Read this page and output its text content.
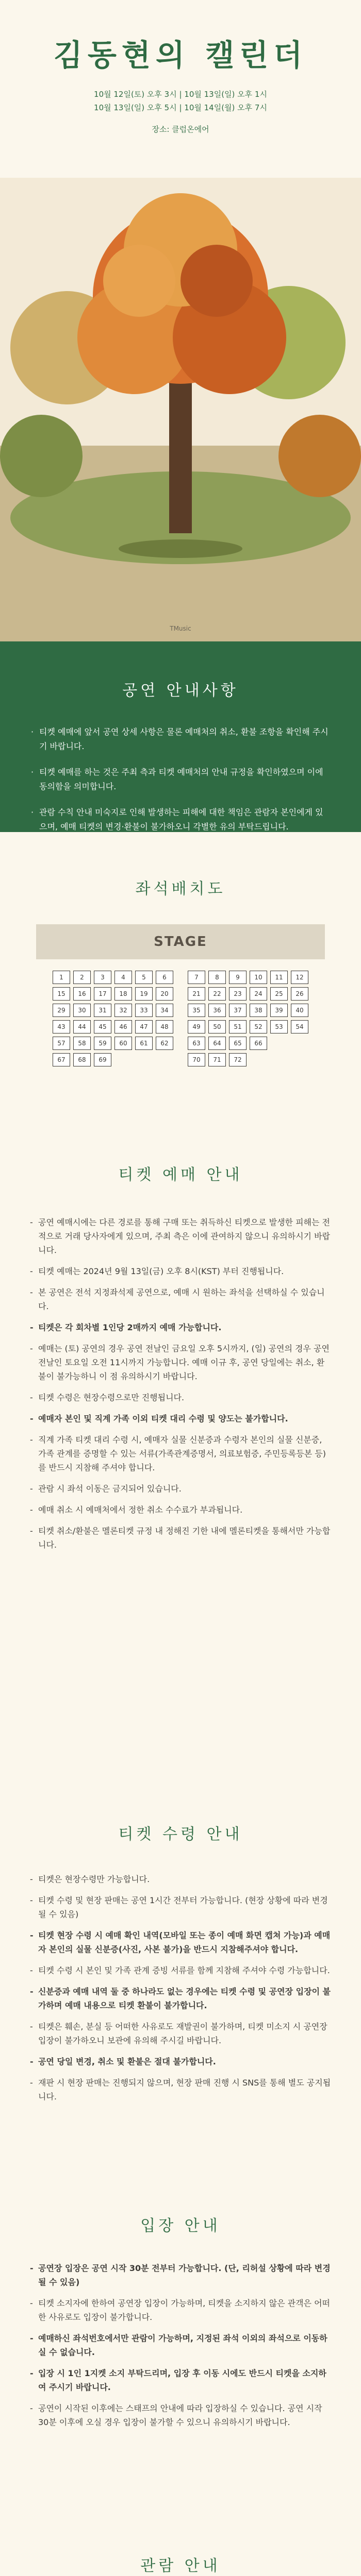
김동현의 캘린더
10월 12일(토) 오후 3시 | 10월 13일(일) 오후 1시
10월 13일(일) 오후 5시 | 10월 14일(월) 오후 7시
장소: 클럽온에어
TMusic
공연 안내사항
· 티켓 예매에 앞서 공연 상세 사항은 물론 예매처의 취소, 환불 조항을 확인해 주시기 바랍니다.
· 티켓 예매를 하는 것은 주최 측과 티켓 예매처의 안내 규정을 확인하였으며 이에 동의함을 의미합니다.
· 관람 수칙 안내 미숙지로 인해 발생하는 피해에 대한 책임은 관람자 본인에게 있으며, 예매 티켓의 변경·환불이 불가하오니 각별한 유의 부탁드립니다.
좌석배치도
STAGE
1	2	3	4	5	6
15	16	17	18	19	20
29	30	31	32	33	34
43	44	45	46	47	48
57	58	59	60	61	62
67	68	69
7	8	9	10	11	12
21	22	23	24	25	26
35	36	37	38	39	40
49	50	51	52	53	54
63	64	65	66
70	71	72
티켓 예매 안내
- 공연 예매시에는 다른 경로를 통해 구매 또는 취득하신 티켓으로 발생한 피해는 전적으로 거래 당사자에게 있으며, 주최 측은 이에 관여하지 않으니 유의하시기 바랍니다.
- 티켓 예매는 2024년 9월 13일(금) 오후 8시(KST) 부터 진행됩니다.
- 본 공연은 전석 지정좌석제 공연으로, 예매 시 원하는 좌석을 선택하실 수 있습니다.
- 티켓은 각 회차별 1인당 2매까지 예매 가능합니다.
- 예매는 (토) 공연의 경우 공연 전날인 금요일 오후 5시까지, (일) 공연의 경우 공연 전날인 토요일 오전 11시까지 가능합니다. 예매 이규 후, 공연 당일에는 취소, 환불이 불가능하니 이 점 유의하시기 바랍니다.
- 티켓 수령은 현장수령으로만 진행됩니다.
- 예매자 본인 및 직계 가족 이외 티켓 대리 수령 및 양도는 불가합니다.
- 직계 가족 티켓 대리 수령 시, 예매자 실물 신분증과 수령자 본인의 실물 신분증, 가족 관계를 증명할 수 있는 서류(가족관계증명서, 의료보험증, 주민등록등본 등)를 반드시 지참해 주셔야 합니다.
- 관람 시 좌석 이동은 금지되어 있습니다.
- 예매 취소 시 예매처에서 정한 취소 수수료가 부과됩니다.
- 티켓 취소/환불은 멜론티켓 규정 내 정해진 기한 내에 멜론티켓을 통해서만 가능합니다.
티켓 수령 안내
- 티켓은 현장수령만 가능합니다.
- 티켓 수령 및 현장 판매는 공연 1시간 전부터 가능합니다. (현장 상황에 따라 변경될 수 있음)
- 티켓 현장 수령 시 예매 확인 내역(모바일 또는 종이 예매 화면 캡쳐 가능)과 예매자 본인의 실물 신분증(사진, 사본 불가)을 반드시 지참해주셔야 합니다.
- 티켓 수령 시 본인 및 가족 관계 증빙 서류를 함께 지참해 주셔야 수령 가능합니다.
- 신분증과 예매 내역 둘 중 하나라도 없는 경우에는 티켓 수령 및 공연장 입장이 불가하며 예매 내용으로 티켓 환불이 불가합니다.
- 티켓은 훼손, 분실 등 어떠한 사유로도 재발권이 불가하며, 티켓 미소지 시 공연장 입장이 불가하오니 보관에 유의해 주시길 바랍니다.
- 공연 당일 변경, 취소 및 환불은 절대 불가합니다.
- 재판 시 현장 판매는 진행되지 않으며, 현장 판매 진행 시 SNS를 통해 별도 공지됩니다.
입장 안내
- 공연장 입장은 공연 시작 30분 전부터 가능합니다. (단, 리허설 상황에 따라 변경될 수 있음)
- 티켓 소지자에 한하여 공연장 입장이 가능하며, 티켓을 소지하지 않은 관객은 어떠한 사유로도 입장이 불가합니다.
- 예매하신 좌석번호에서만 관람이 가능하며, 지정된 좌석 이외의 좌석으로 이동하실 수 없습니다.
- 입장 시 1인 1지켓 소지 부탁드리며, 입장 후 이동 시에도 반드시 티켓을 소지하여 주시기 바랍니다.
- 공연이 시작된 이후에는 스태프의 안내에 따라 입장하실 수 있습니다. 공연 시작 30분 이후에 오실 경우 입장이 불가할 수 있으니 유의하시기 바랍니다.
관람 안내
